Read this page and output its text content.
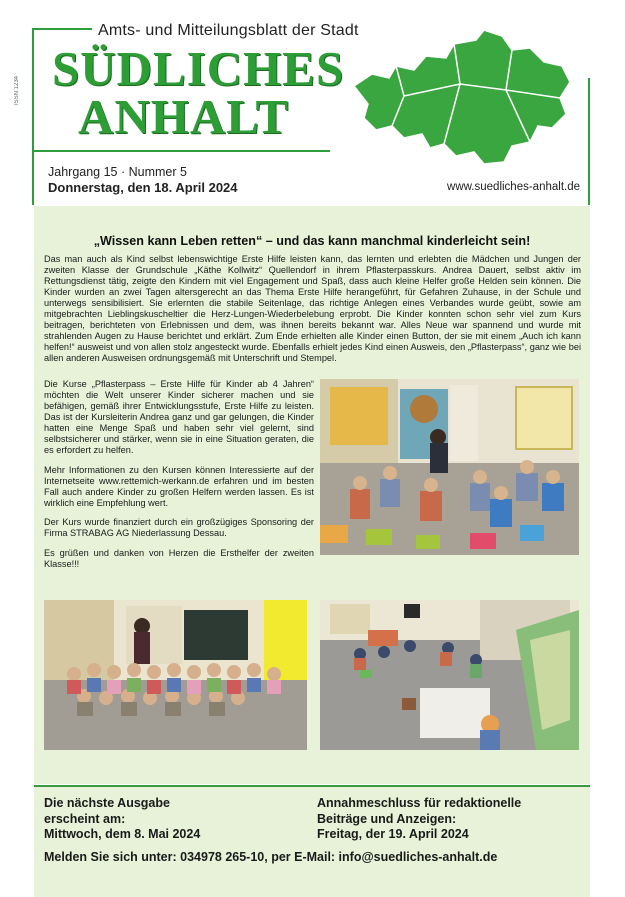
ISSN 1234
Amts- und Mitteilungsblatt der Stadt
SÜDLICHES
ANHALT
Jahrgang 15 · Nummer 5
Donnerstag, den 18. April 2024	www.suedliches-anhalt.de
„Wissen kann Leben retten“ – und das kann manchmal kinderleicht sein!
Das man auch als Kind selbst lebenswichtige Erste Hilfe leisten kann, das lernten und erlebten die Mädchen und Jungen der zweiten Klasse der Grundschule „Käthe Kollwitz“ Quellendorf in ihrem Pflasterpasskurs. Andrea Dauert, selbst aktiv im Rettungsdienst tätig, zeigte den Kindern mit viel Engagement und Spaß, dass auch kleine Helfer große Helden sein können. Die Kinder wurden an zwei Tagen altersgerecht an das Thema Erste Hilfe herangeführt, für Gefahren Zuhause, in der Schule und unterwegs sensibilisiert. Sie erlernten die stabile Seitenlage, das richtige Anlegen eines Verbandes wurde geübt, sowie am mitgebrachten Lieblingskuscheltier die Herz-Lungen-Wiederbelebung erprobt. Die Kinder konnten schon sehr viel zum Kurs beitragen, berichteten von Erlebnissen und dem, was ihnen bereits bekannt war. Alles Neue war spannend und wurde mit strahlenden Augen zu Hause berichtet und erklärt. Zum Ende erhielten alle Kinder einen Button, der sie mit einem „Auch ich kann helfen!“ ausweist und von allen stolz angesteckt wurde. Ebenfalls erhielt jedes Kind einen Ausweis, den „Pflasterpass“, ganz wie bei allen anderen Ausweisen ordnungsgemäß mit Unterschrift und Stempel.

Die Kurse „Pflasterpass – Erste Hilfe für Kinder ab 4 Jahren“ möchten die Welt unserer Kinder sicherer machen und sie befähigen, gemäß ihrer Entwicklungsstufe, Erste Hilfe zu leisten. Das ist der Kursleiterin Andrea ganz und gar gelungen, die Kinder hatten eine Menge Spaß und haben sehr viel gelernt, sind selbstsicherer und stärker, wenn sie in eine Situation geraten, die es erfordert zu helfen.

Mehr Informationen zu den Kursen können Interessierte auf der Internetseite www.rettemich-werkann.de erfahren und im besten Fall auch andere Kinder zu großen Helfern werden lassen. Es ist wirklich eine Empfehlung wert.

Der Kurs wurde finanziert durch ein großzügiges Sponsoring der Firma STRABAG AG Niederlassung Dessau.

Es grüßen und danken von Herzen die Ersthelfer der zweiten Klasse!!!

Die nächste Ausgabe
erscheint am:
Mittwoch, dem 8. Mai 2024
Annahmeschluss für redaktionelle
Beiträge und Anzeigen:
Freitag, der 19. April 2024
Melden Sie sich unter: 034978 265-10, per E-Mail: info@suedliches-anhalt.de
